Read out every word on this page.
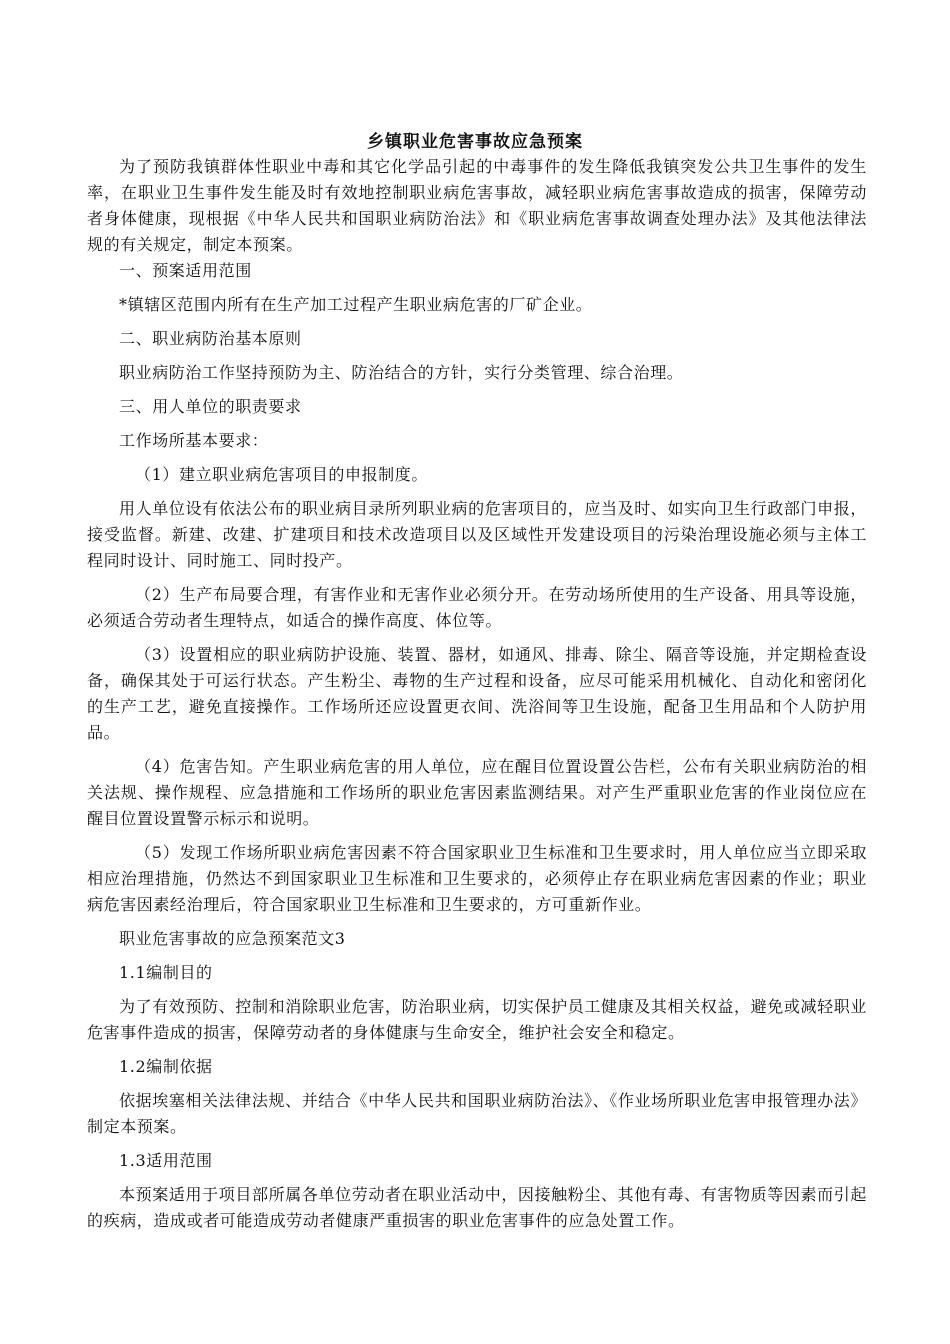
乡镇职业危害事故应急预案

为了预防我镇群体性职业中毒和其它化学品引起的中毒事件的发生降低我镇突发公共卫生事件的发生率，在职业卫生事件发生能及时有效地控制职业病危害事故，减轻职业病危害事故造成的损害，保障劳动者身体健康，现根据《中华人民共和国职业病防治法》和《职业病危害事故调查处理办法》及其他法律法规的有关规定，制定本预案。

一、预案适用范围

*镇辖区范围内所有在生产加工过程产生职业病危害的厂矿企业。

二、职业病防治基本原则

职业病防治工作坚持预防为主、防治结合的方针，实行分类管理、综合治理。

三、用人单位的职责要求

工作场所基本要求：

（1）建立职业病危害项目的申报制度。

用人单位设有依法公布的职业病目录所列职业病的危害项目的，应当及时、如实向卫生行政部门申报，接受监督。新建、改建、扩建项目和技术改造项目以及区域性开发建设项目的污染治理设施必须与主体工程同时设计、同时施工、同时投产。

（2）生产布局要合理，有害作业和无害作业必须分开。在劳动场所使用的生产设备、用具等设施，必须适合劳动者生理特点，如适合的操作高度、体位等。

（3）设置相应的职业病防护设施、装置、器材，如通风、排毒、除尘、隔音等设施，并定期检查设备，确保其处于可运行状态。产生粉尘、毒物的生产过程和设备，应尽可能采用机械化、自动化和密闭化的生产工艺，避免直接操作。工作场所还应设置更衣间、洗浴间等卫生设施，配备卫生用品和个人防护用品。

（4）危害告知。产生职业病危害的用人单位，应在醒目位置设置公告栏，公布有关职业病防治的相关法规、操作规程、应急措施和工作场所的职业危害因素监测结果。对产生严重职业危害的作业岗位应在醒目位置设置警示标示和说明。

（5）发现工作场所职业病危害因素不符合国家职业卫生标准和卫生要求时，用人单位应当立即采取相应治理措施，仍然达不到国家职业卫生标准和卫生要求的，必须停止存在职业病危害因素的作业；职业病危害因素经治理后，符合国家职业卫生标准和卫生要求的，方可重新作业。

职业危害事故的应急预案范文3

1.1编制目的

为了有效预防、控制和消除职业危害，防治职业病，切实保护员工健康及其相关权益，避免或减轻职业危害事件造成的损害，保障劳动者的身体健康与生命安全，维护社会安全和稳定。

1.2编制依据

依据埃塞相关法律法规、并结合《中华人民共和国职业病防治法》、《作业场所职业危害申报管理办法》制定本预案。

1.3适用范围

本预案适用于项目部所属各单位劳动者在职业活动中，因接触粉尘、其他有毒、有害物质等因素而引起的疾病，造成或者可能造成劳动者健康严重损害的职业危害事件的应急处置工作。
